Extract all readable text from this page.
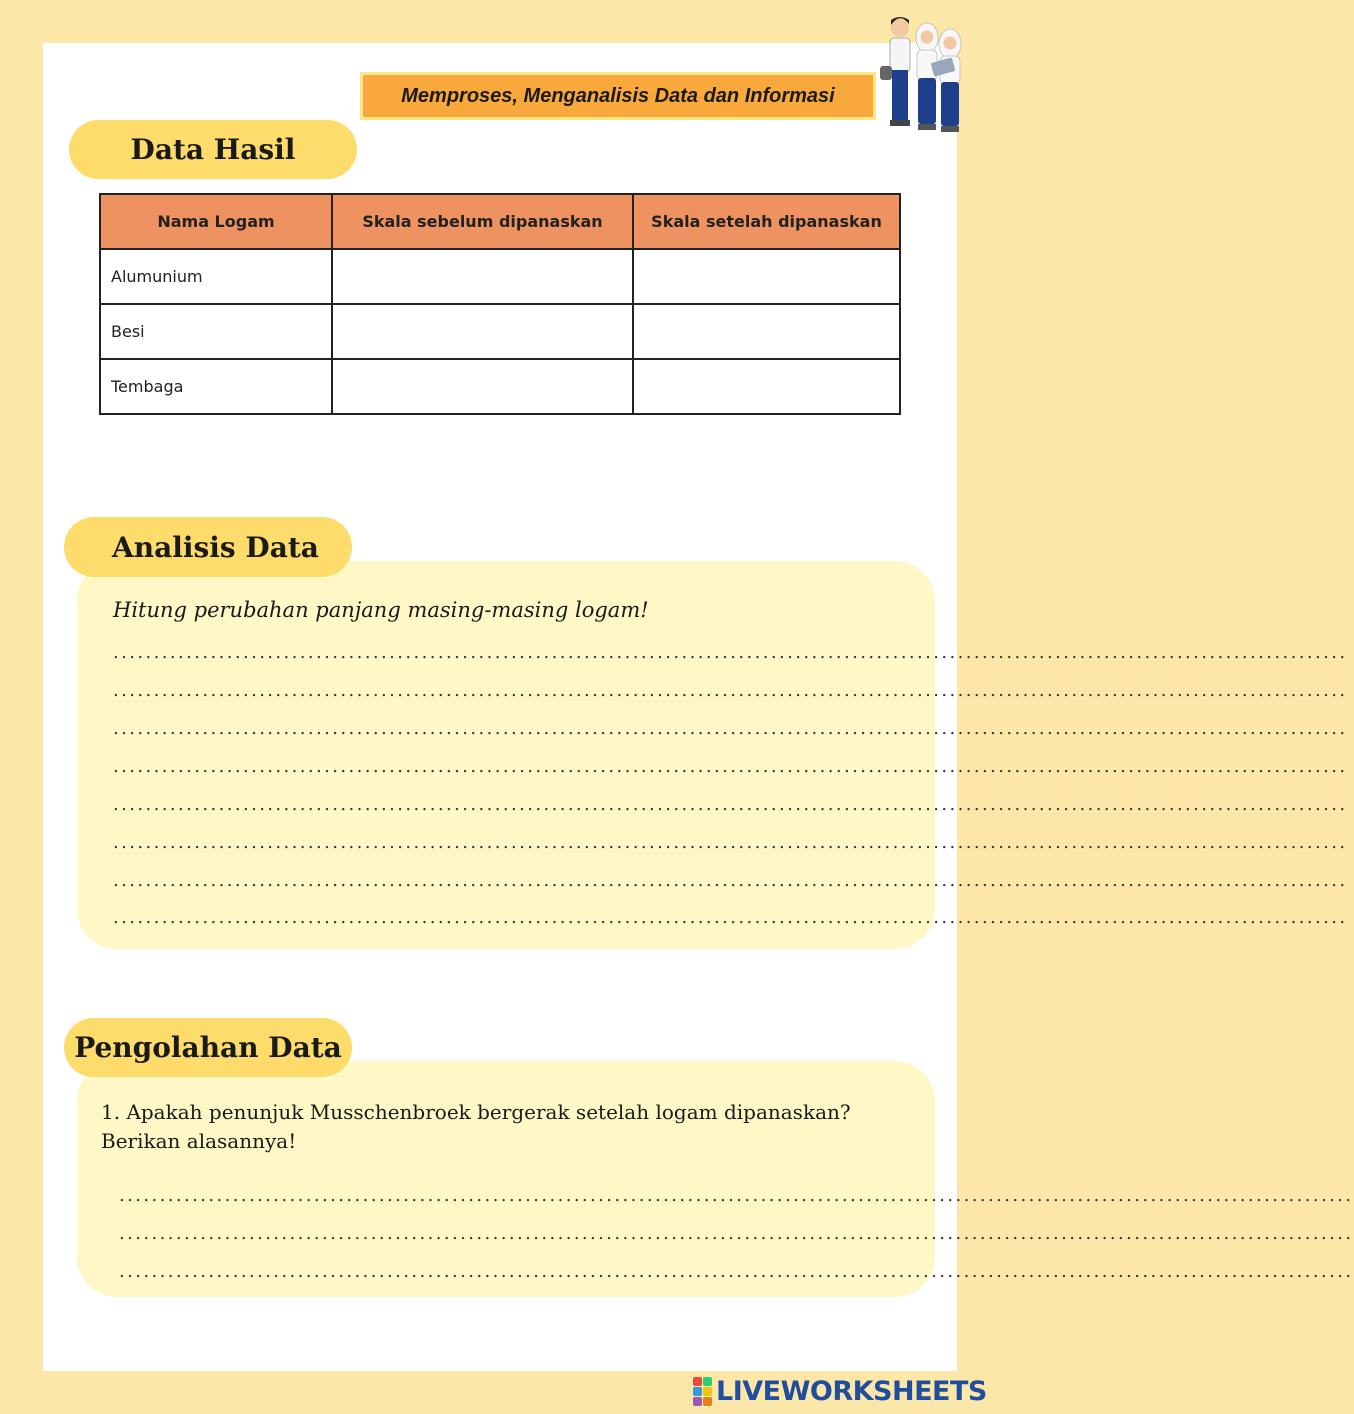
Memproses, Menganalisis Data dan Informasi
Data Hasil
Nama Logam	Skala sebelum dipanaskan	Skala setelah dipanaskan
Alumunium		
Besi		
Tembaga		
Analisis Data
Hitung perubahan panjang masing-masing logam!
........................................................................................................................................................
........................................................................................................................................................
........................................................................................................................................................
........................................................................................................................................................
........................................................................................................................................................
........................................................................................................................................................
........................................................................................................................................................
........................................................................................................................................................
Pengolahan Data
1. Apakah penunjuk Musschenbroek bergerak setelah logam dipanaskan? Berikan alasannya!
........................................................................................................................................................
........................................................................................................................................................
........................................................................................................................................................
LIVEWORKSHEETS
